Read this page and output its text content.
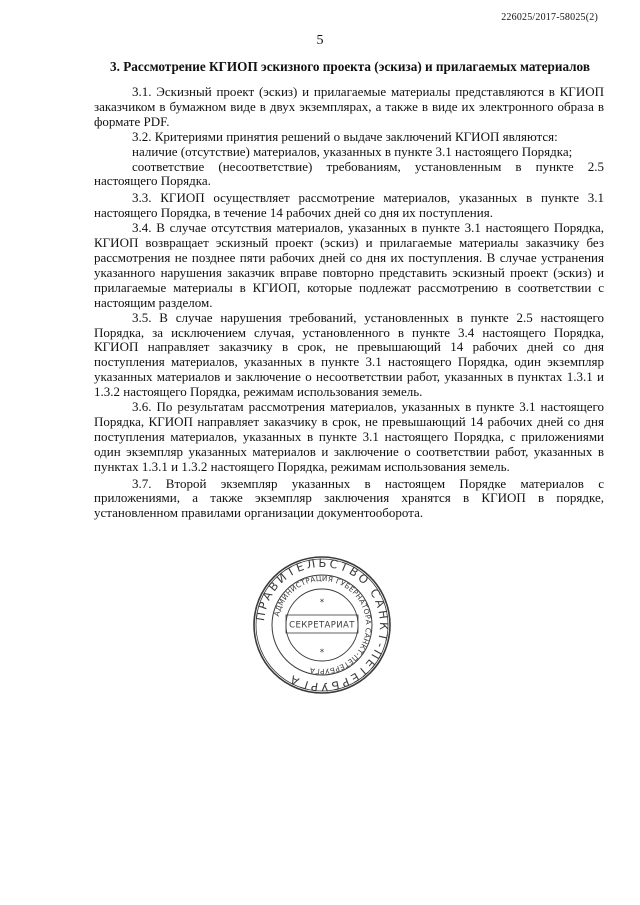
226025/2017-58025(2)
5
3. Рассмотрение КГИОП эскизного проекта (эскиза) и прилагаемых материалов

3.1. Эскизный проект (эскиз) и прилагаемые материалы представляются в КГИОП заказчиком в бумажном виде в двух экземплярах, а также в виде их электронного образа в формате PDF.

3.2. Критериями принятия решений о выдаче заключений КГИОП являются:

наличие (отсутствие) материалов, указанных в пункте 3.1 настоящего Порядка;

соответствие (несоответствие) требованиям, установленным в пункте 2.5 настоящего Порядка.

3.3. КГИОП осуществляет рассмотрение материалов, указанных в пункте 3.1 настоящего Порядка, в течение 14 рабочих дней со дня их поступления.

3.4. В случае отсутствия материалов, указанных в пункте 3.1 настоящего Порядка, КГИОП возвращает эскизный проект (эскиз) и прилагаемые материалы заказчику без рассмотрения не позднее пяти рабочих дней со дня их поступления. В случае устранения указанного нарушения заказчик вправе повторно представить эскизный проект (эскиз) и прилагаемые материалы в КГИОП, которые подлежат рассмотрению в соответствии с настоящим разделом.

3.5. В случае нарушения требований, установленных в пункте 2.5 настоящего Порядка, за исключением случая, установленного в пункте 3.4 настоящего Порядка, КГИОП направляет заказчику в срок, не превышающий 14 рабочих дней со дня поступления материалов, указанных в пункте 3.1 настоящего Порядка, один экземпляр указанных материалов и заключение о несоответствии работ, указанных в пунктах 1.3.1 и 1.3.2 настоящего Порядка, режимам использования земель.

3.6. По результатам рассмотрения материалов, указанных в пункте 3.1 настоящего Порядка, КГИОП направляет заказчику в срок, не превышающий 14 рабочих дней со дня поступления материалов, указанных в пункте 3.1 настоящего Порядка, с приложениями один экземпляр указанных материалов и заключение о соответствии работ, указанных в пунктах 1.3.1 и 1.3.2 настоящего Порядка, режимам использования земель.

3.7. Второй экземпляр указанных в настоящем Порядке материалов с приложениями, а также экземпляр заключения хранятся в КГИОП в порядке, установленном правилами организации документооборота.

ПРАВИТЕЛЬСТВО САНКТ-ПЕТЕРБУРГА
АДМИНИСТРАЦИЯ ГУБЕРНАТОРА САНКТ-ПЕТЕРБУРГА
СЕКРЕТАРИАТ
*
*
